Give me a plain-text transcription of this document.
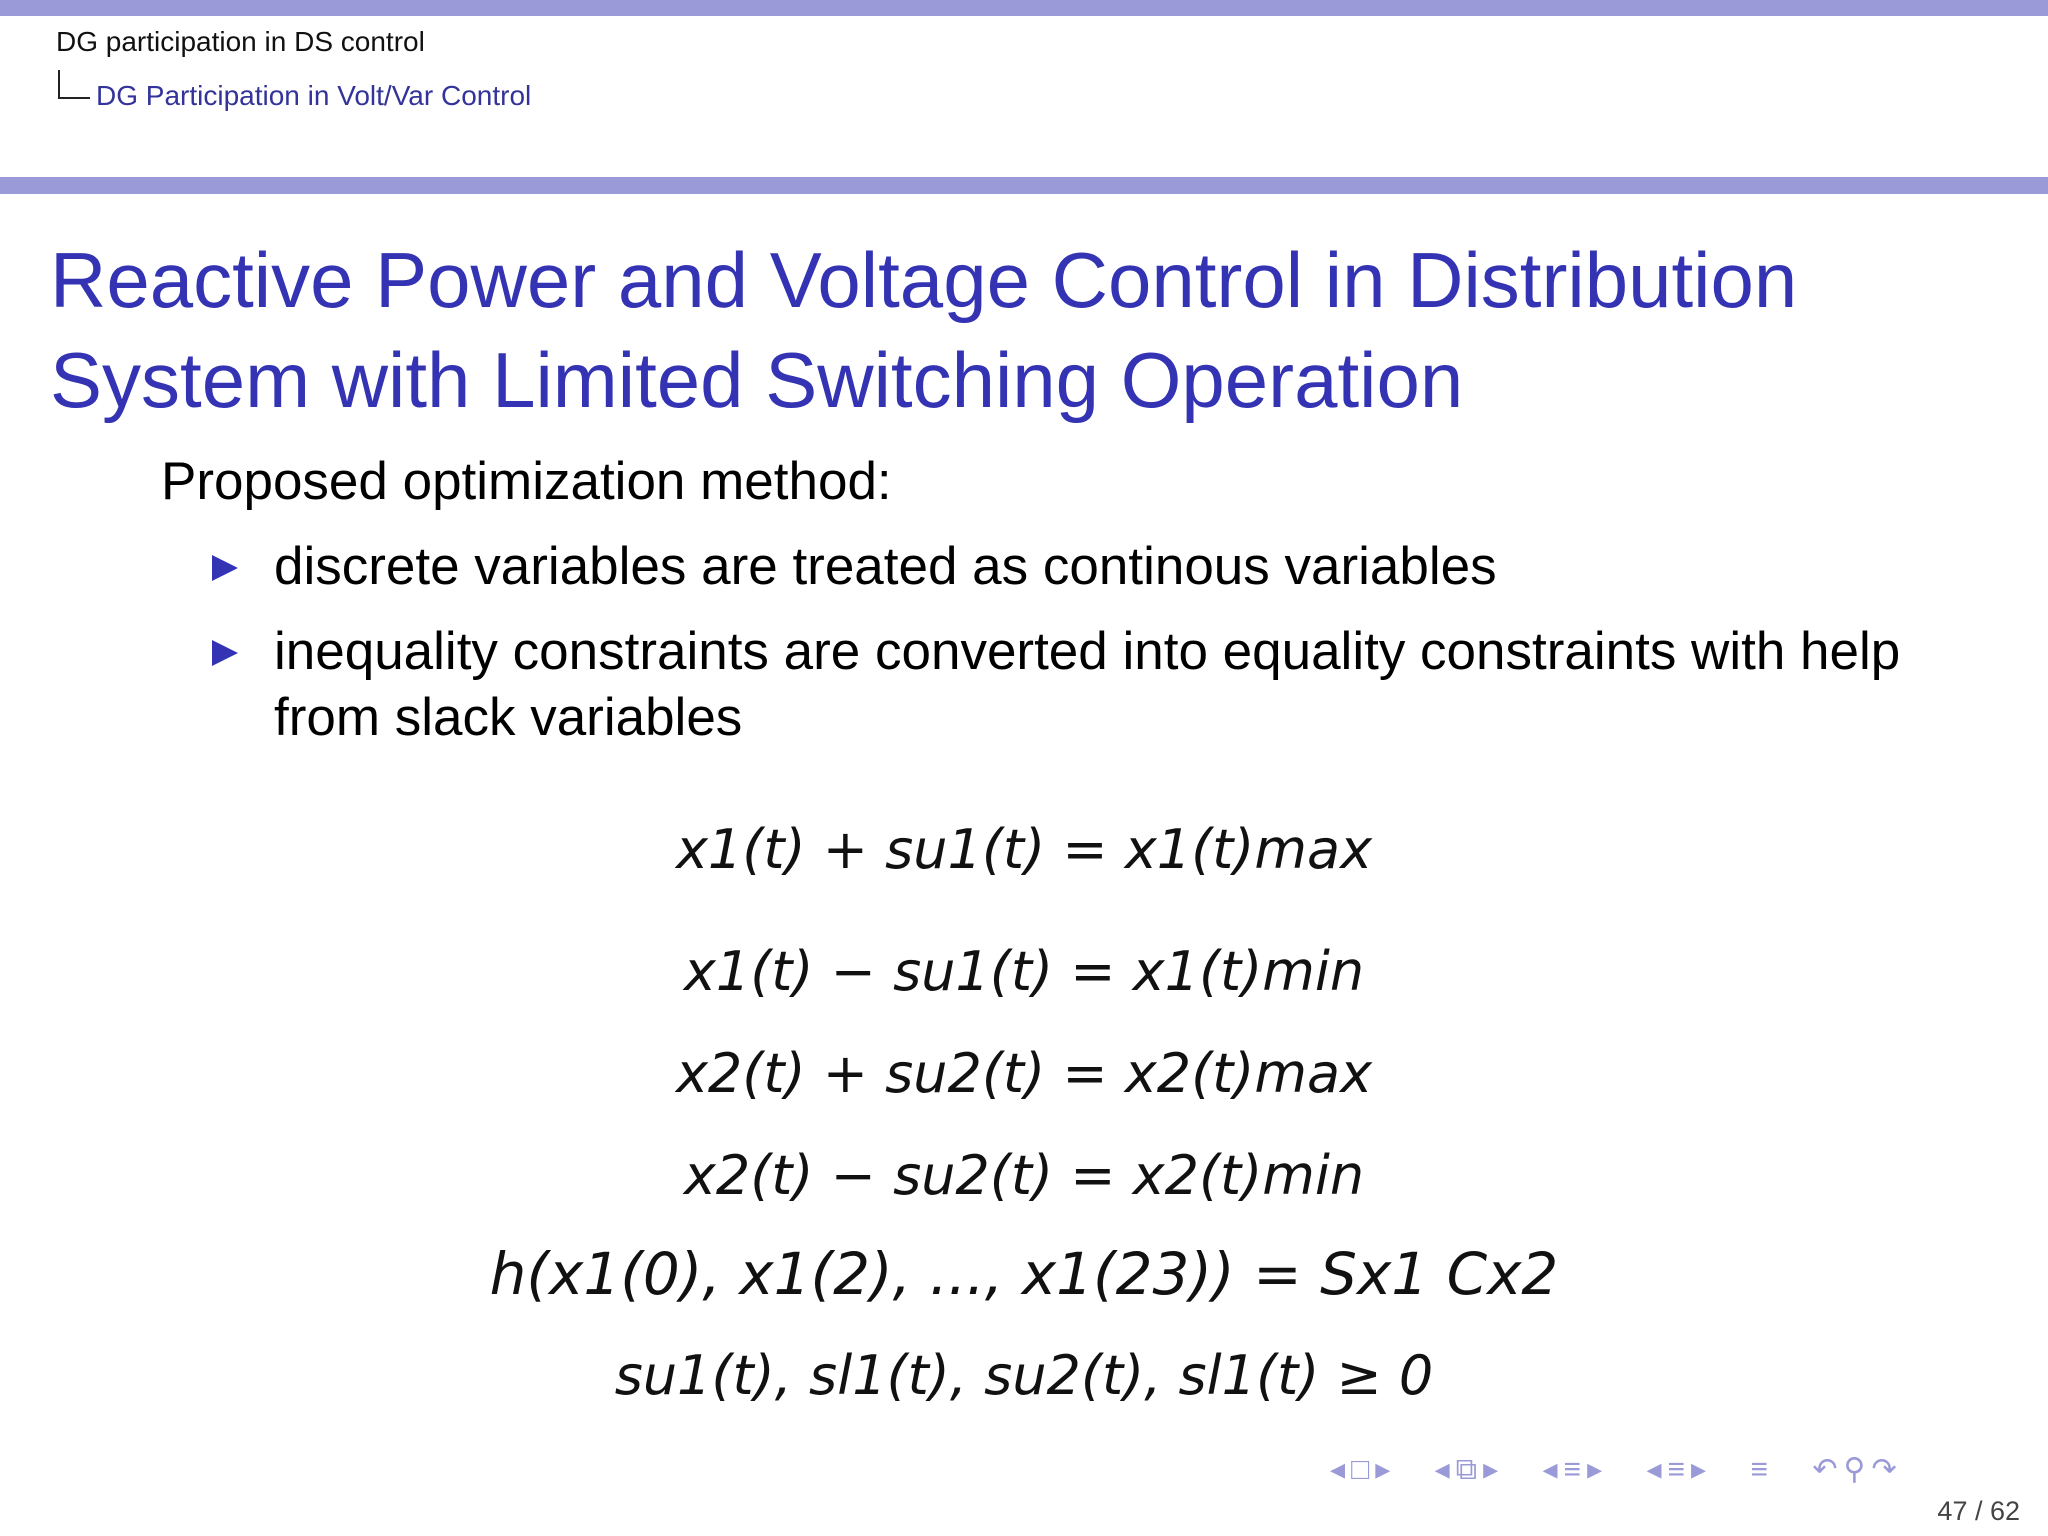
DG participation in DS control
DG Participation in Volt/Var Control
Reactive Power and Voltage Control in Distribution System with Limited Switching Operation
Proposed optimization method:
discrete variables are treated as continous variables
inequality constraints are converted into equality constraints with help from slack variables
x1(t) + su1(t) = x1(t)max
x1(t) − su1(t) = x1(t)min
x2(t) + su2(t) = x2(t)max
x2(t) − su2(t) = x2(t)min
h(x1(0), x1(2), ..., x1(23)) = Sx1 Cx2
su1(t), sl1(t), su2(t), sl1(t) ≥ 0
◂□▸ ◂⧉▸ ◂≡▸ ◂≡▸ ≡ ↶⚲↷
47 / 62
